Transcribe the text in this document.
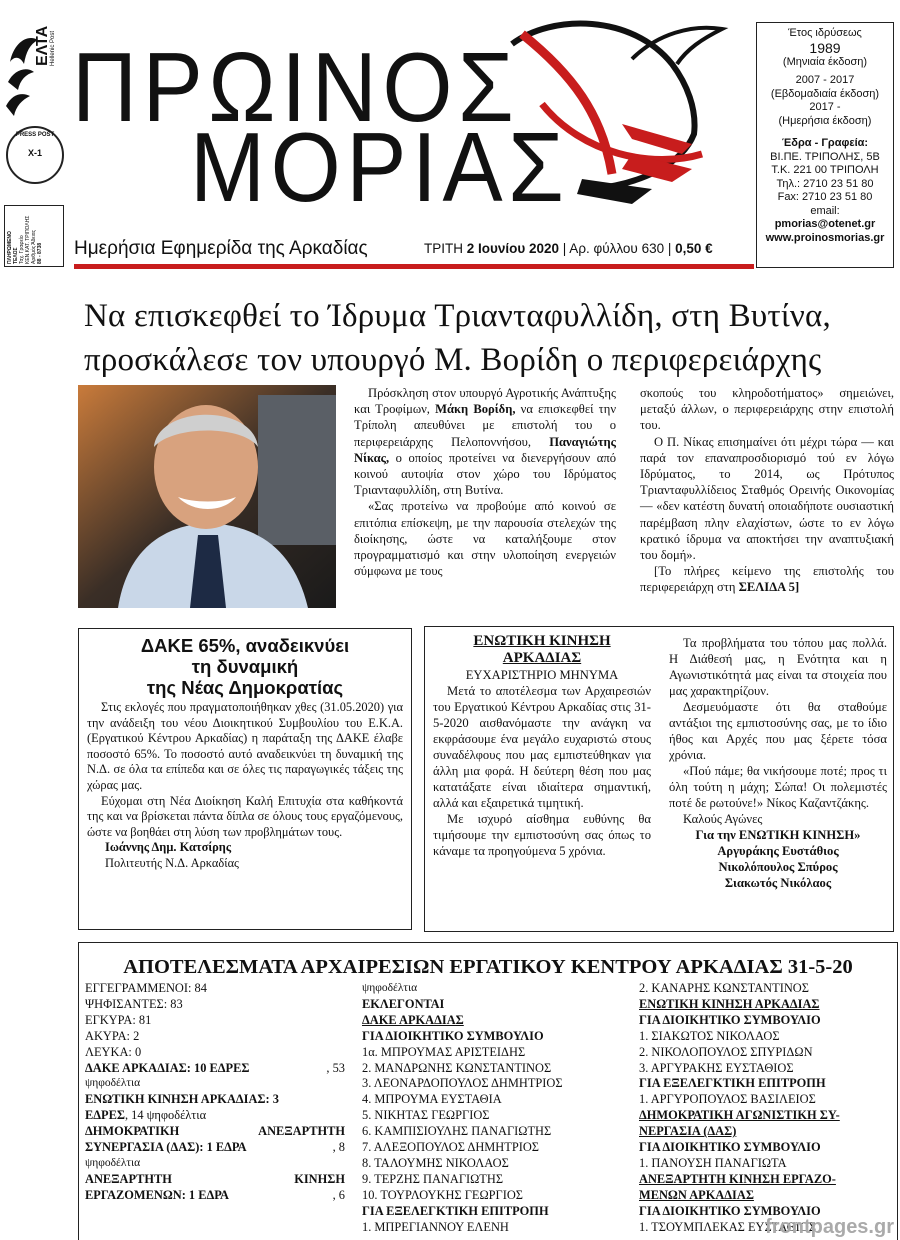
ΕΛΤΑ Hellenic Post
PRESS POST
Χ-1
ΠΛΗΡΩΜΕΝΟ ΤΕΛΟΣ Ταχ. Γραφείο ΚΕΝ.ΚΑΤ. ΤΡΙΠΟΛΗΣ Αριθμός Άδειας 88 - 8738
ΠΡΩΙΝΟΣ
ΜΟΡΙΑΣ
Ημερήσια Εφημερίδα της Αρκαδίας	ΤΡΙΤΗ 2 Ιουνίου 2020 | Αρ. φύλλου 630 | 0,50 €
Έτος ιδρύσεως
1989
(Μηνιαία έκδοση)
2007 - 2017
(Εβδομαδιαία έκδοση)
2017 -
(Ημερήσια έκδοση)
Έδρα - Γραφεία:
ΒΙ.ΠΕ. ΤΡΙΠΟΛΗΣ, 5Β
Τ.Κ. 221 00 ΤΡΙΠΟΛΗ
Τηλ.: 2710 23 51 80
Fax: 2710 23 51 80
email:
pmorias@otenet.gr
www.proinosmorias.gr
Να επισκεφθεί το Ίδρυμα Τριανταφυλλίδη, στη Βυτίνα,
προσκάλεσε τον υπουργό Μ. Βορίδη ο περιφερειάρχης

Πρόσκληση στον υπουργό Αγροτικής Ανάπτυξης και Τροφίμων, Μάκη Βορίδη, να επισκεφθεί την Τρίπολη απευθύνει με επιστολή του ο περιφερειάρχης Πελοποννήσου, Παναγιώτης Νίκας, ο οποίος προτείνει να διενεργήσουν από κοινού αυτοψία στον χώρο του Ιδρύματος Τριανταφυλλίδη, στη Βυτίνα.

«Σας προτείνω να προβούμε από κοινού σε επιτόπια επίσκεψη, με την παρουσία στελεχών της διοίκησης, ώστε να καταλήξουμε στον προγραμματισμό και στην υλοποίηση ενεργειών σύμφωνα με τους

σκοπούς του κληροδοτήματος» σημειώνει, μεταξύ άλλων, ο περιφερειάρχης στην επιστολή του.

Ο Π. Νίκας επισημαίνει ότι μέχρι τώρα — και παρά τον επαναπροσδιορισμό τού εν λόγω Ιδρύματος, το 2014, ως Πρότυπος Τριανταφυλλίδειος Σταθμός Ορεινής Οικονομίας— «δεν κατέστη δυνατή οποιαδήποτε ουσιαστική παρέμβαση πλην ελαχίστων, ώστε το εν λόγω κρατικό ίδρυμα να αποκτήσει την αναπτυξιακή του δομή».

[Το πλήρες κείμενο της επιστολής του περιφερειάρχη στη ΣΕΛΙΔΑ 5]

ΔΑΚΕ 65%, αναδεικνύει
τη δυναμική
της Νέας Δημοκρατίας

Στις εκλογές που πραγματοποιήθηκαν χθες (31.05.2020) για την ανάδειξη του νέου Διοικητικού Συμβουλίου του Ε.Κ.Α. (Εργατικού Κέντρου Αρκαδίας) η παράταξη της ΔΑΚΕ έλαβε ποσοστό 65%. Το ποσοστό αυτό αναδεικνύει τη δυναμική της Ν.Δ. σε όλα τα επίπεδα και σε όλες τις παραγωγικές τάξεις της χώρας μας.

Εύχομαι στη Νέα Διοίκηση Καλή Επιτυχία στα καθήκοντά της και να βρίσκεται πάντα δίπλα σε όλους τους εργαζόμενους, ώστε να βοηθάει στη λύση των προβλημάτων τους.

Ιωάννης Δημ. Κατσίρης
Πολιτευτής Ν.Δ. Αρκαδίας
ΕΝΩΤΙΚΗ ΚΙΝΗΣΗ
ΑΡΚΑΔΙΑΣ
ΕΥΧΑΡΙΣΤΗΡΙΟ ΜΗΝΥΜΑ

Μετά το αποτέλεσμα των Αρχαιρεσιών του Εργατικού Κέντρου Αρκαδίας στις 31-5-2020 αισθανόμαστε την ανάγκη να εκφράσουμε ένα μεγάλο ευχαριστώ στους συναδέλφους που μας εμπιστεύθηκαν για άλλη μια φορά. Η δεύτερη θέση που μας κατατάξατε είναι ιδιαίτερα σημαντική, αλλά και εξαιρετικά τιμητική.

Με ισχυρό αίσθημα ευθύνης θα τιμήσουμε την εμπιστοσύνη σας όπως το κάναμε τα προηγούμενα 5 χρόνια.

Τα προβλήματα του τόπου μας πολλά. Η Διάθεσή μας, η Ενότητα και η Αγωνιστικότητά μας είναι τα στοιχεία που μας χαρακτηρίζουν.

Δεσμευόμαστε ότι θα σταθούμε αντάξιοι της εμπιστοσύνης σας, με το ίδιο ήθος και Αρχές που μας ξέρετε τόσα χρόνια.

«Πού πάμε; θα νικήσουμε ποτέ; προς τι όλη τούτη η μάχη; Σώπα! Οι πολεμιστές ποτέ δε ρωτούνε!» Νίκος Καζαντζάκης.

Καλούς Αγώνες

Για την ΕΝΩΤΙΚΗ ΚΙΝΗΣΗ»
Αργυράκης Ευστάθιος
Νικολόπουλος Σπύρος
Σιακωτός Νικόλαος
ΑΠΟΤΕΛΕΣΜΑΤΑ ΑΡΧΑΙΡΕΣΙΩΝ ΕΡΓΑΤΙΚΟΥ ΚΕΝΤΡΟΥ ΑΡΚΑΔΙΑΣ 31-5-20
ΕΓΓΕΓΡΑΜΜΕΝΟΙ: 84
ΨΗΦΙΣΑΝΤΕΣ: 83
ΕΓΚΥΡΑ: 81
ΑΚΥΡΑ: 2
ΛΕΥΚΑ: 0
ΔΑΚΕ ΑΡΚΑΔΙΑΣ: 10 ΕΔΡΕΣ	, 53
ψηφοδέλτια
ΕΝΩΤΙΚΗ ΚΙΝΗΣΗ ΑΡΚΑΔΙΑΣ: 3
ΕΔΡΕΣ, 14 ψηφοδέλτια
ΔΗΜΟΚΡΑΤΙΚΗ ΑΝΕΞΑΡΤΗΤΗ
ΣΥΝΕΡΓΑΣΙΑ (ΔΑΣ): 1 ΕΔΡΑ	, 8
ψηφοδέλτια
ΑΝΕΞΑΡΤΗΤΗ ΚΙΝΗΣΗ
ΕΡΓΑΖΟΜΕΝΩΝ: 1 ΕΔΡΑ	, 6
ψηφοδέλτια
ΕΚΛΕΓΟΝΤΑΙ
ΔΑΚΕ ΑΡΚΑΔΙΑΣ
ΓΙΑ ΔΙΟΙΚΗΤΙΚΟ ΣΥΜΒΟΥΛΙΟ
1α. ΜΠΡΟΥΜΑΣ ΑΡΙΣΤΕΙΔΗΣ
2. ΜΑΝΔΡΩΝΗΣ ΚΩΝΣΤΑΝΤΙΝΟΣ
3. ΛΕΟΝΑΡΔΟΠΟΥΛΟΣ ΔΗΜΗΤΡΙΟΣ
4. ΜΠΡΟΥΜΑ ΕΥΣΤΑΘΙΑ
5. ΝΙΚΗΤΑΣ ΓΕΩΡΓΙΟΣ
6. ΚΑΜΠΙΣΙΟΥΛΗΣ ΠΑΝΑΓΙΩΤΗΣ
7. ΑΛΕΞΟΠΟΥΛΟΣ ΔΗΜΗΤΡΙΟΣ
8. ΤΑΛΟΥΜΗΣ ΝΙΚΟΛΑΟΣ
9. ΤΕΡΖΗΣ ΠΑΝΑΓΙΩΤΗΣ
10. ΤΟΥΡΛΟΥΚΗΣ ΓΕΩΡΓΙΟΣ
ΓΙΑ ΕΞΕΛΕΓΚΤΙΚΗ ΕΠΙΤΡΟΠΗ
1. ΜΠΡΕΓΙΑΝΝΟΥ ΕΛΕΝΗ
2. ΚΑΝΑΡΗΣ ΚΩΝΣΤΑΝΤΙΝΟΣ
ΕΝΩΤΙΚΗ ΚΙΝΗΣΗ ΑΡΚΑΔΙΑΣ
ΓΙΑ ΔΙΟΙΚΗΤΙΚΟ ΣΥΜΒΟΥΛΙΟ
1. ΣΙΑΚΩΤΟΣ ΝΙΚΟΛΑΟΣ
2. ΝΙΚΟΛΟΠΟΥΛΟΣ ΣΠΥΡΙΔΩΝ
3. ΑΡΓΥΡΑΚΗΣ ΕΥΣΤΑΘΙΟΣ
ΓΙΑ ΕΞΕΛΕΓΚΤΙΚΗ ΕΠΙΤΡΟΠΗ
1. ΑΡΓΥΡΟΠΟΥΛΟΣ ΒΑΣΙΛΕΙΟΣ
ΔΗΜΟΚΡΑΤΙΚΗ ΑΓΩΝΙΣΤΙΚΗ ΣΥ-
ΝΕΡΓΑΣΙΑ (ΔΑΣ)
ΓΙΑ ΔΙΟΙΚΗΤΙΚΟ ΣΥΜΒΟΥΛΙΟ
1. ΠΑΝΟΥΣΗ ΠΑΝΑΓΙΩΤΑ
ΑΝΕΞΑΡΤΗΤΗ ΚΙΝΗΣΗ ΕΡΓΑΖΟ-
ΜΕΝΩΝ ΑΡΚΑΔΙΑΣ
ΓΙΑ ΔΙΟΙΚΗΤΙΚΟ ΣΥΜΒΟΥΛΙΟ
1. ΤΣΟΥΜΠΛΕΚΑΣ ΕΥΣΤΑΘΙΟΣ
frontpages.gr
